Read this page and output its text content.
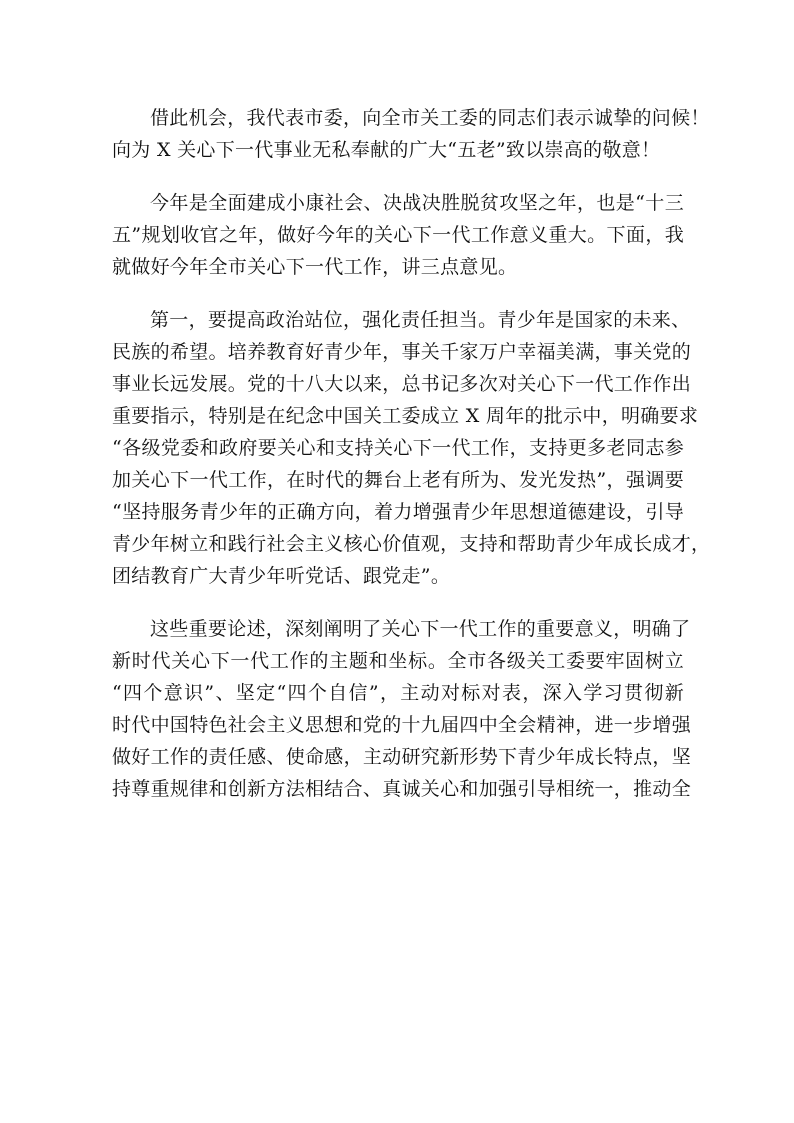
借此机会，我代表市委，向全市关工委的同志们表示诚挚的问候！
向为 X 关心下一代事业无私奉献的广大“五老”致以崇高的敬意！
今年是全面建成小康社会、决战决胜脱贫攻坚之年，也是“十三
五”规划收官之年，做好今年的关心下一代工作意义重大。下面，我
就做好今年全市关心下一代工作，讲三点意见。
第一，要提高政治站位，强化责任担当。青少年是国家的未来、
民族的希望。培养教育好青少年，事关千家万户幸福美满，事关党的
事业长远发展。党的十八大以来，总书记多次对关心下一代工作作出
重要指示，特别是在纪念中国关工委成立 X 周年的批示中，明确要求
“各级党委和政府要关心和支持关心下一代工作，支持更多老同志参
加关心下一代工作，在时代的舞台上老有所为、发光发热”，强调要
“坚持服务青少年的正确方向，着力增强青少年思想道德建设，引导
青少年树立和践行社会主义核心价值观，支持和帮助青少年成长成才，
团结教育广大青少年听党话、跟党走”。
这些重要论述，深刻阐明了关心下一代工作的重要意义，明确了
新时代关心下一代工作的主题和坐标。全市各级关工委要牢固树立
“四个意识”、坚定“四个自信”，主动对标对表，深入学习贯彻新
时代中国特色社会主义思想和党的十九届四中全会精神，进一步增强
做好工作的责任感、使命感，主动研究新形势下青少年成长特点，坚
持尊重规律和创新方法相结合、真诚关心和加强引导相统一，推动全
